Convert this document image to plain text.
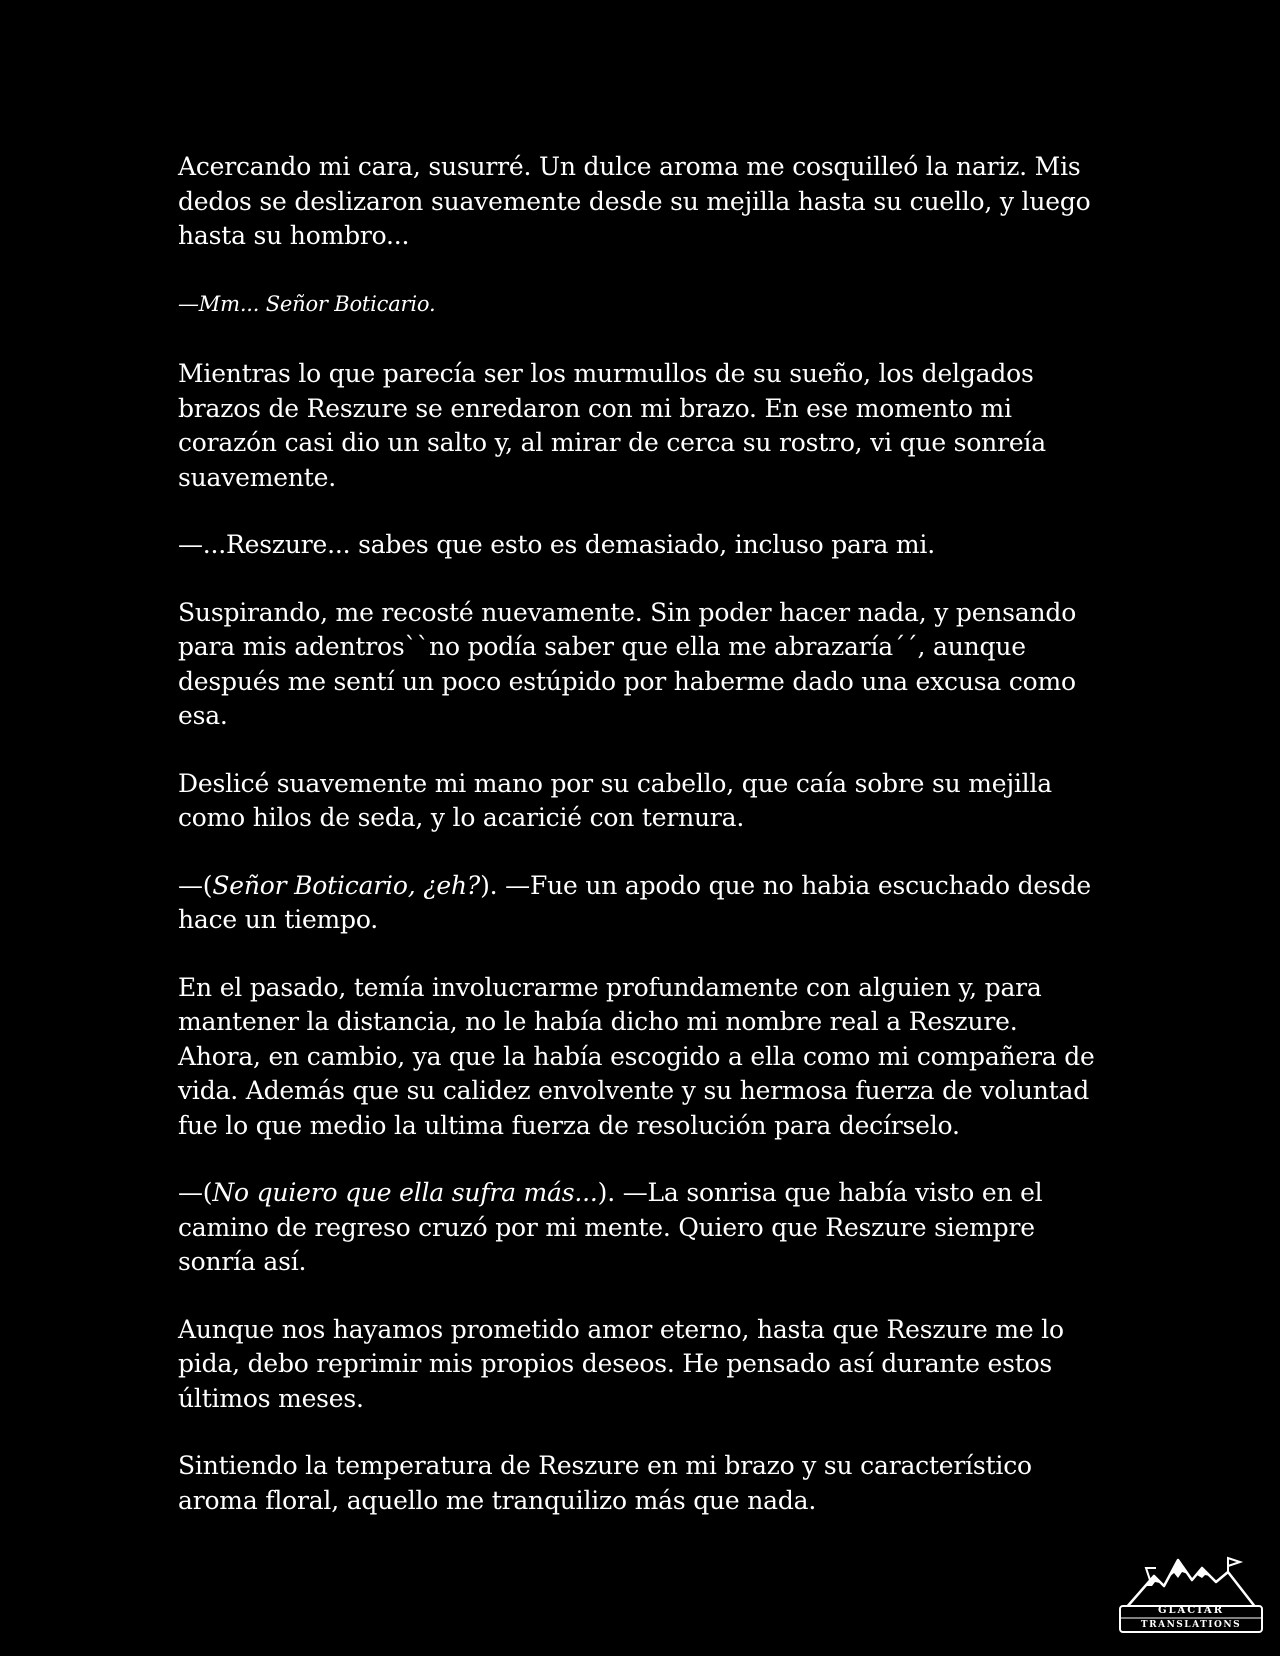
Acercando mi cara, susurré. Un dulce aroma me cosquilleó la nariz. Mis dedos se deslizaron suavemente desde su mejilla hasta su cuello, y luego hasta su hombro...

—Mm... Señor Boticario.

Mientras lo que parecía ser los murmullos de su sueño, los delgados brazos de Reszure se enredaron con mi brazo. En ese momento mi corazón casi dio un salto y, al mirar de cerca su rostro, vi que sonreía suavemente.

—...Reszure... sabes que esto es demasiado, incluso para mi.

Suspirando, me recosté nuevamente. Sin poder hacer nada, y pensando para mis adentros``no podía saber que ella me abrazaría´´, aunque después me sentí un poco estúpido por haberme dado una excusa como esa.

Deslicé suavemente mi mano por su cabello, que caía sobre su mejilla como hilos de seda, y lo acaricié con ternura.

—(Señor Boticario, ¿eh?). —Fue un apodo que no habia escuchado desde hace un tiempo.

En el pasado, temía involucrarme profundamente con alguien y, para mantener la distancia, no le había dicho mi nombre real a Reszure. Ahora, en cambio, ya que la había escogido a ella como mi compañera de vida. Además que su calidez envolvente y su hermosa fuerza de voluntad fue lo que medio la ultima fuerza de resolución para decírselo.

—(No quiero que ella sufra más...). —La sonrisa que había visto en el camino de regreso cruzó por mi mente. Quiero que Reszure siempre sonría así.

Aunque nos hayamos prometido amor eterno, hasta que Reszure me lo pida, debo reprimir mis propios deseos. He pensado así durante estos últimos meses.

Sintiendo la temperatura de Reszure en mi brazo y su característico aroma floral, aquello me tranquilizo más que nada.

GLACIAR
TRANSLATIONS
